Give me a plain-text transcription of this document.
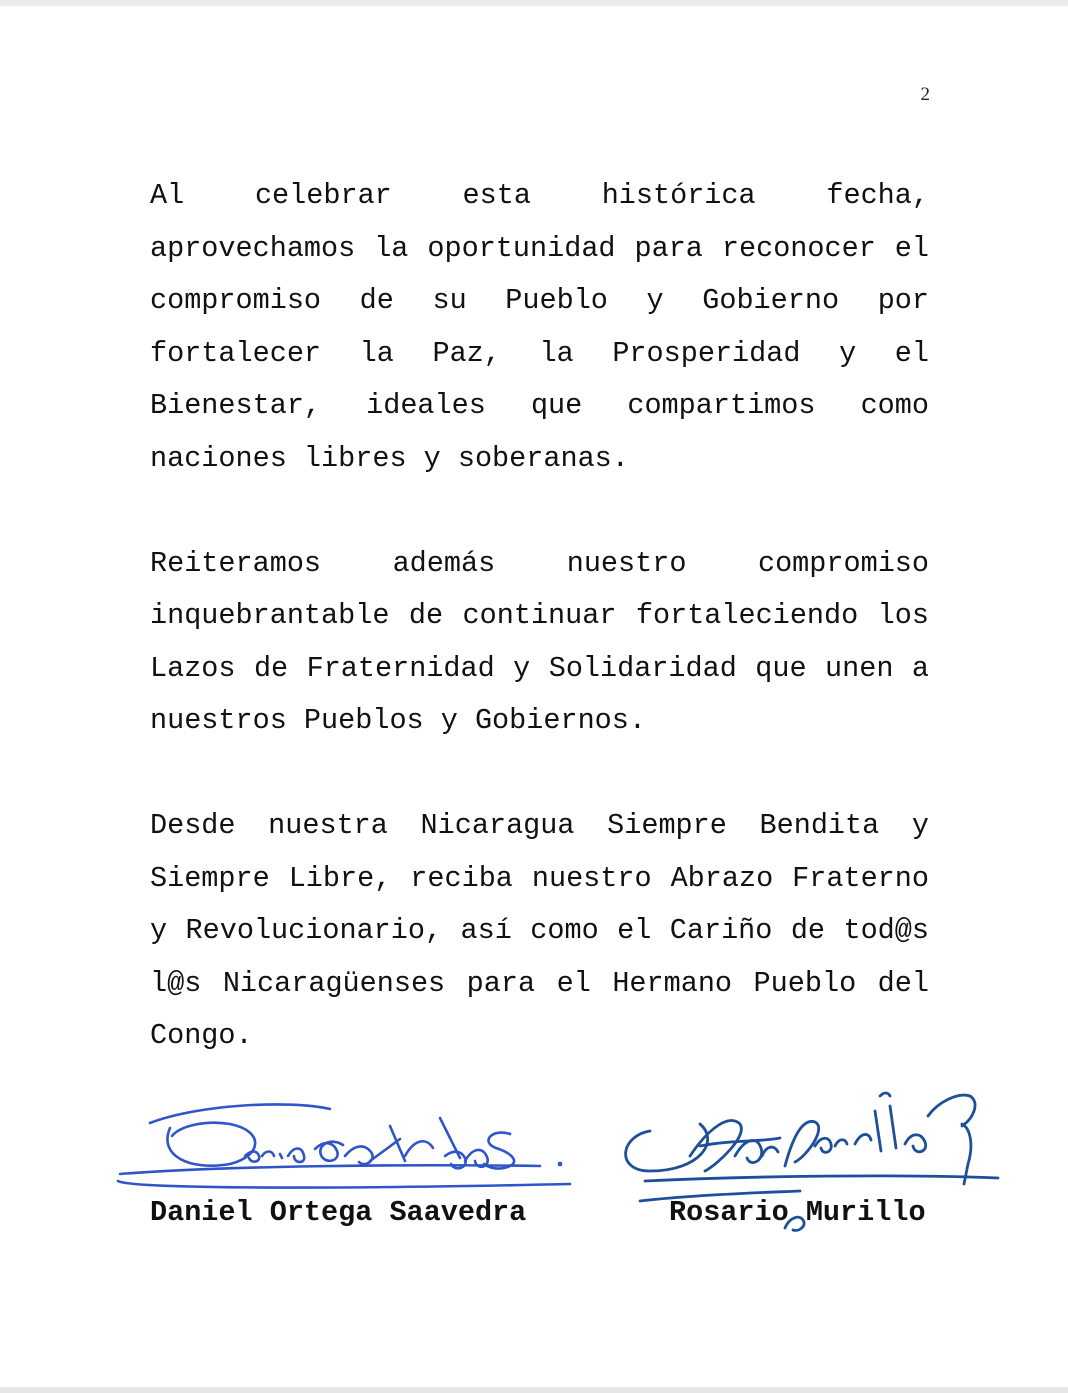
2

Al celebrar esta histórica fecha, aprovechamos la oportunidad para reconocer el compromiso de su Pueblo y Gobierno por fortalecer la Paz, la Prosperidad y el Bienestar, ideales que compartimos como naciones libres y soberanas.

Reiteramos además nuestro compromiso inquebrantable de continuar fortaleciendo los Lazos de Fraternidad y Solidaridad que unen a nuestros Pueblos y Gobiernos.

Desde nuestra Nicaragua Siempre Bendita y Siempre Libre, reciba nuestro Abrazo Fraterno y Revolucionario, así como el Cariño de tod@s l@s Nicaragüenses para el Hermano Pueblo del Congo.

Daniel Ortega Saavedra	Rosario Murillo
